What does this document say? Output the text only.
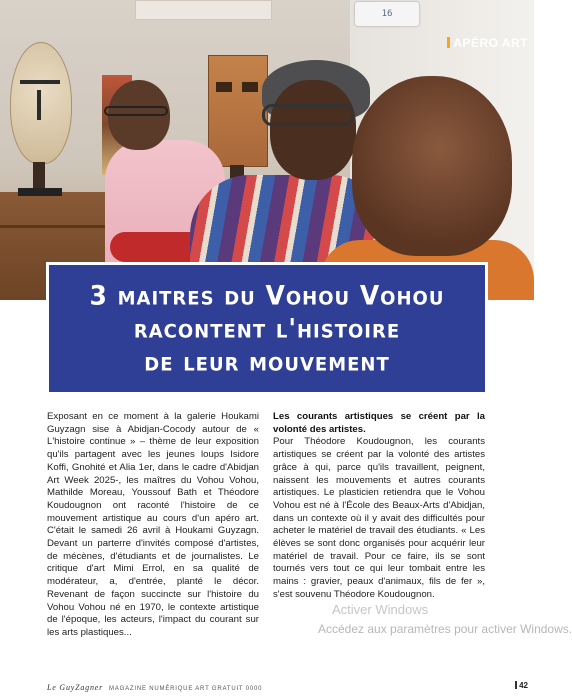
16
APÉRO ART
3 maitres du Vohou Vohou
racontent l'histoire
de leur mouvement

Exposant en ce moment à la galerie Houkami Guyzagn sise à Abidjan-Cocody autour de « L'histoire continue » – thème de leur exposition qu'ils partagent avec les jeunes loups Isidore Koffi, Gnohité et Alia 1er, dans le cadre d'Abidjan Art Week 2025-, les maîtres du Vohou Vohou, Mathilde Moreau, Youssouf Bath et Théodore Koudougnon ont raconté l'histoire de ce mouvement artistique au cours d'un apéro art. C'était le samedi 26 avril à Houkami Guyzagn. Devant un parterre d'invités composé d'artistes, de mécènes, d'étudiants et de journalistes. Le critique d'art Mimi Errol, en sa qualité de modérateur, a, d'entrée, planté le décor. Revenant de façon succincte sur l'histoire du Vohou Vohou né en 1970, le contexte artistique de l'époque, les acteurs, l'impact du courant sur les arts plastiques...

Les courants artistiques se créent par la volonté des artistes.

Pour Théodore Koudougnon, les courants artistiques se créent par la volonté des artistes grâce à qui, parce qu'ils travaillent, peignent, naissent les mouvements et autres courants artistiques. Le plasticien retiendra que le Vohou Vohou est né à l'École des Beaux-Arts d'Abidjan, dans un contexte où il y avait des difficultés pour acheter le matériel de travail des étudiants. « Les élèves se sont donc organisés pour acquérir leur matériel de travail. Pour ce faire, ils se sont tournés vers tout ce qui leur tombait entre les mains : gravier, peaux d'animaux, fils de fer », s'est souvenu Théodore Koudougnon.

Activer Windows
Accédez aux paramètres pour activer Windows.
Le GuyZagner MAGAZINE NUMÉRIQUE ART GRATUIT 0000	42
